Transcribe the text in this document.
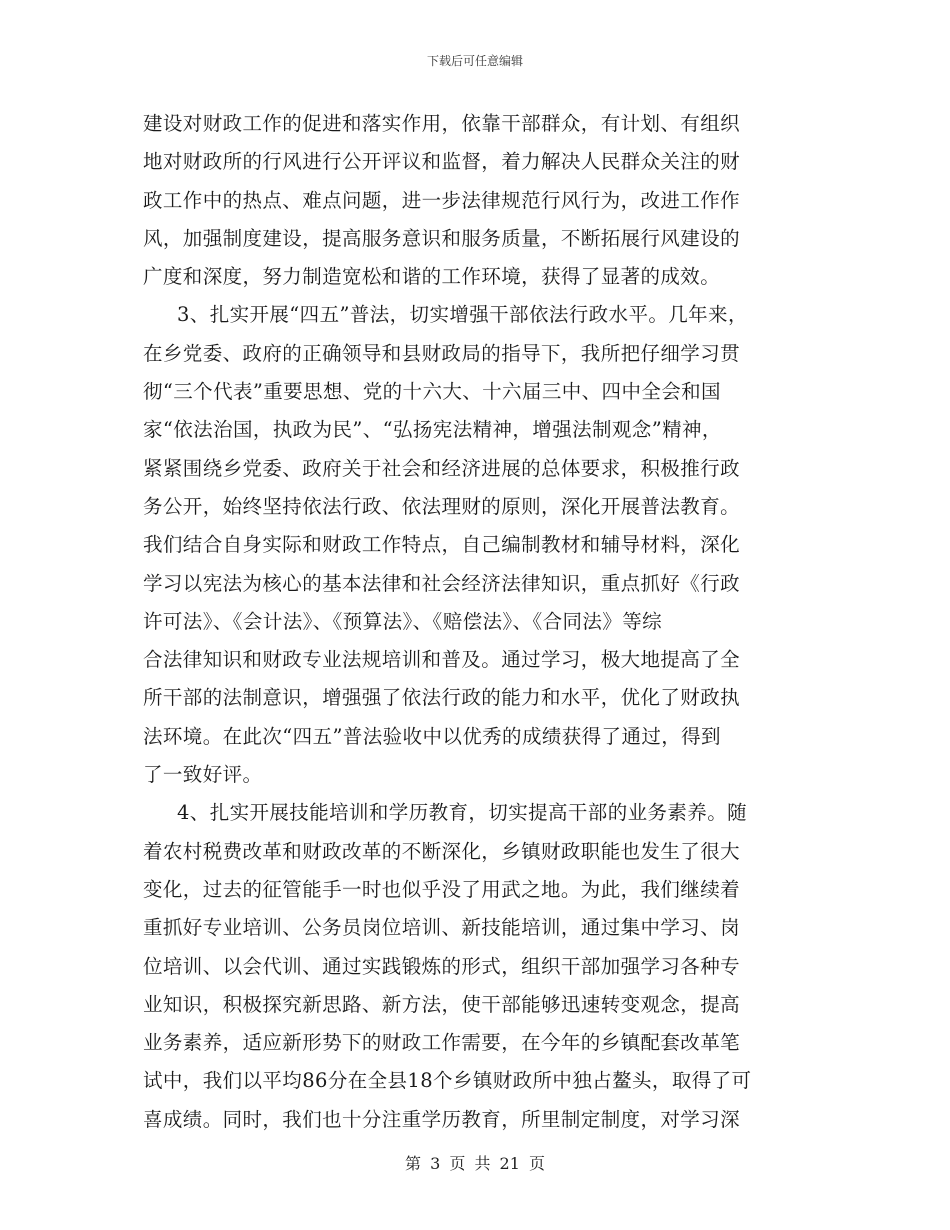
下载后可任意编辑
建设对财政工作的促进和落实作用，依靠干部群众，有计划、有组织
地对财政所的行风进行公开评议和监督，着力解决人民群众关注的财
政工作中的热点、难点问题，进一步法律规范行风行为，改进工作作
风，加强制度建设，提高服务意识和服务质量，不断拓展行风建设的
广度和深度，努力制造宽松和谐的工作环境，获得了显著的成效。
3、扎实开展“四五”普法，切实增强干部依法行政水平。几年来，
在乡党委、政府的正确领导和县财政局的指导下，我所把仔细学习贯
彻“三个代表”重要思想、党的十六大、十六届三中、四中全会和国
家“依法治国，执政为民”、“弘扬宪法精神，增强法制观念”精神，
紧紧围绕乡党委、政府关于社会和经济进展的总体要求，积极推行政
务公开，始终坚持依法行政、依法理财的原则，深化开展普法教育。
我们结合自身实际和财政工作特点，自己编制教材和辅导材料，深化
学习以宪法为核心的基本法律和社会经济法律知识，重点抓好《行政
许可法》、《会计法》、《预算法》、《赔偿法》、《合同法》等综
合法律知识和财政专业法规培训和普及。通过学习，极大地提高了全
所干部的法制意识，增强强了依法行政的能力和水平，优化了财政执
法环境。在此次“四五”普法验收中以优秀的成绩获得了通过，得到
了一致好评。
4、扎实开展技能培训和学历教育，切实提高干部的业务素养。随
着农村税费改革和财政改革的不断深化，乡镇财政职能也发生了很大
变化，过去的征管能手一时也似乎没了用武之地。为此，我们继续着
重抓好专业培训、公务员岗位培训、新技能培训，通过集中学习、岗
位培训、以会代训、通过实践锻炼的形式，组织干部加强学习各种专
业知识，积极探究新思路、新方法，使干部能够迅速转变观念，提高
业务素养，适应新形势下的财政工作需要，在今年的乡镇配套改革笔
试中，我们以平均86分在全县18个乡镇财政所中独占鳌头，取得了可
喜成绩。同时，我们也十分注重学历教育，所里制定制度，对学习深
第 3 页 共 21 页
